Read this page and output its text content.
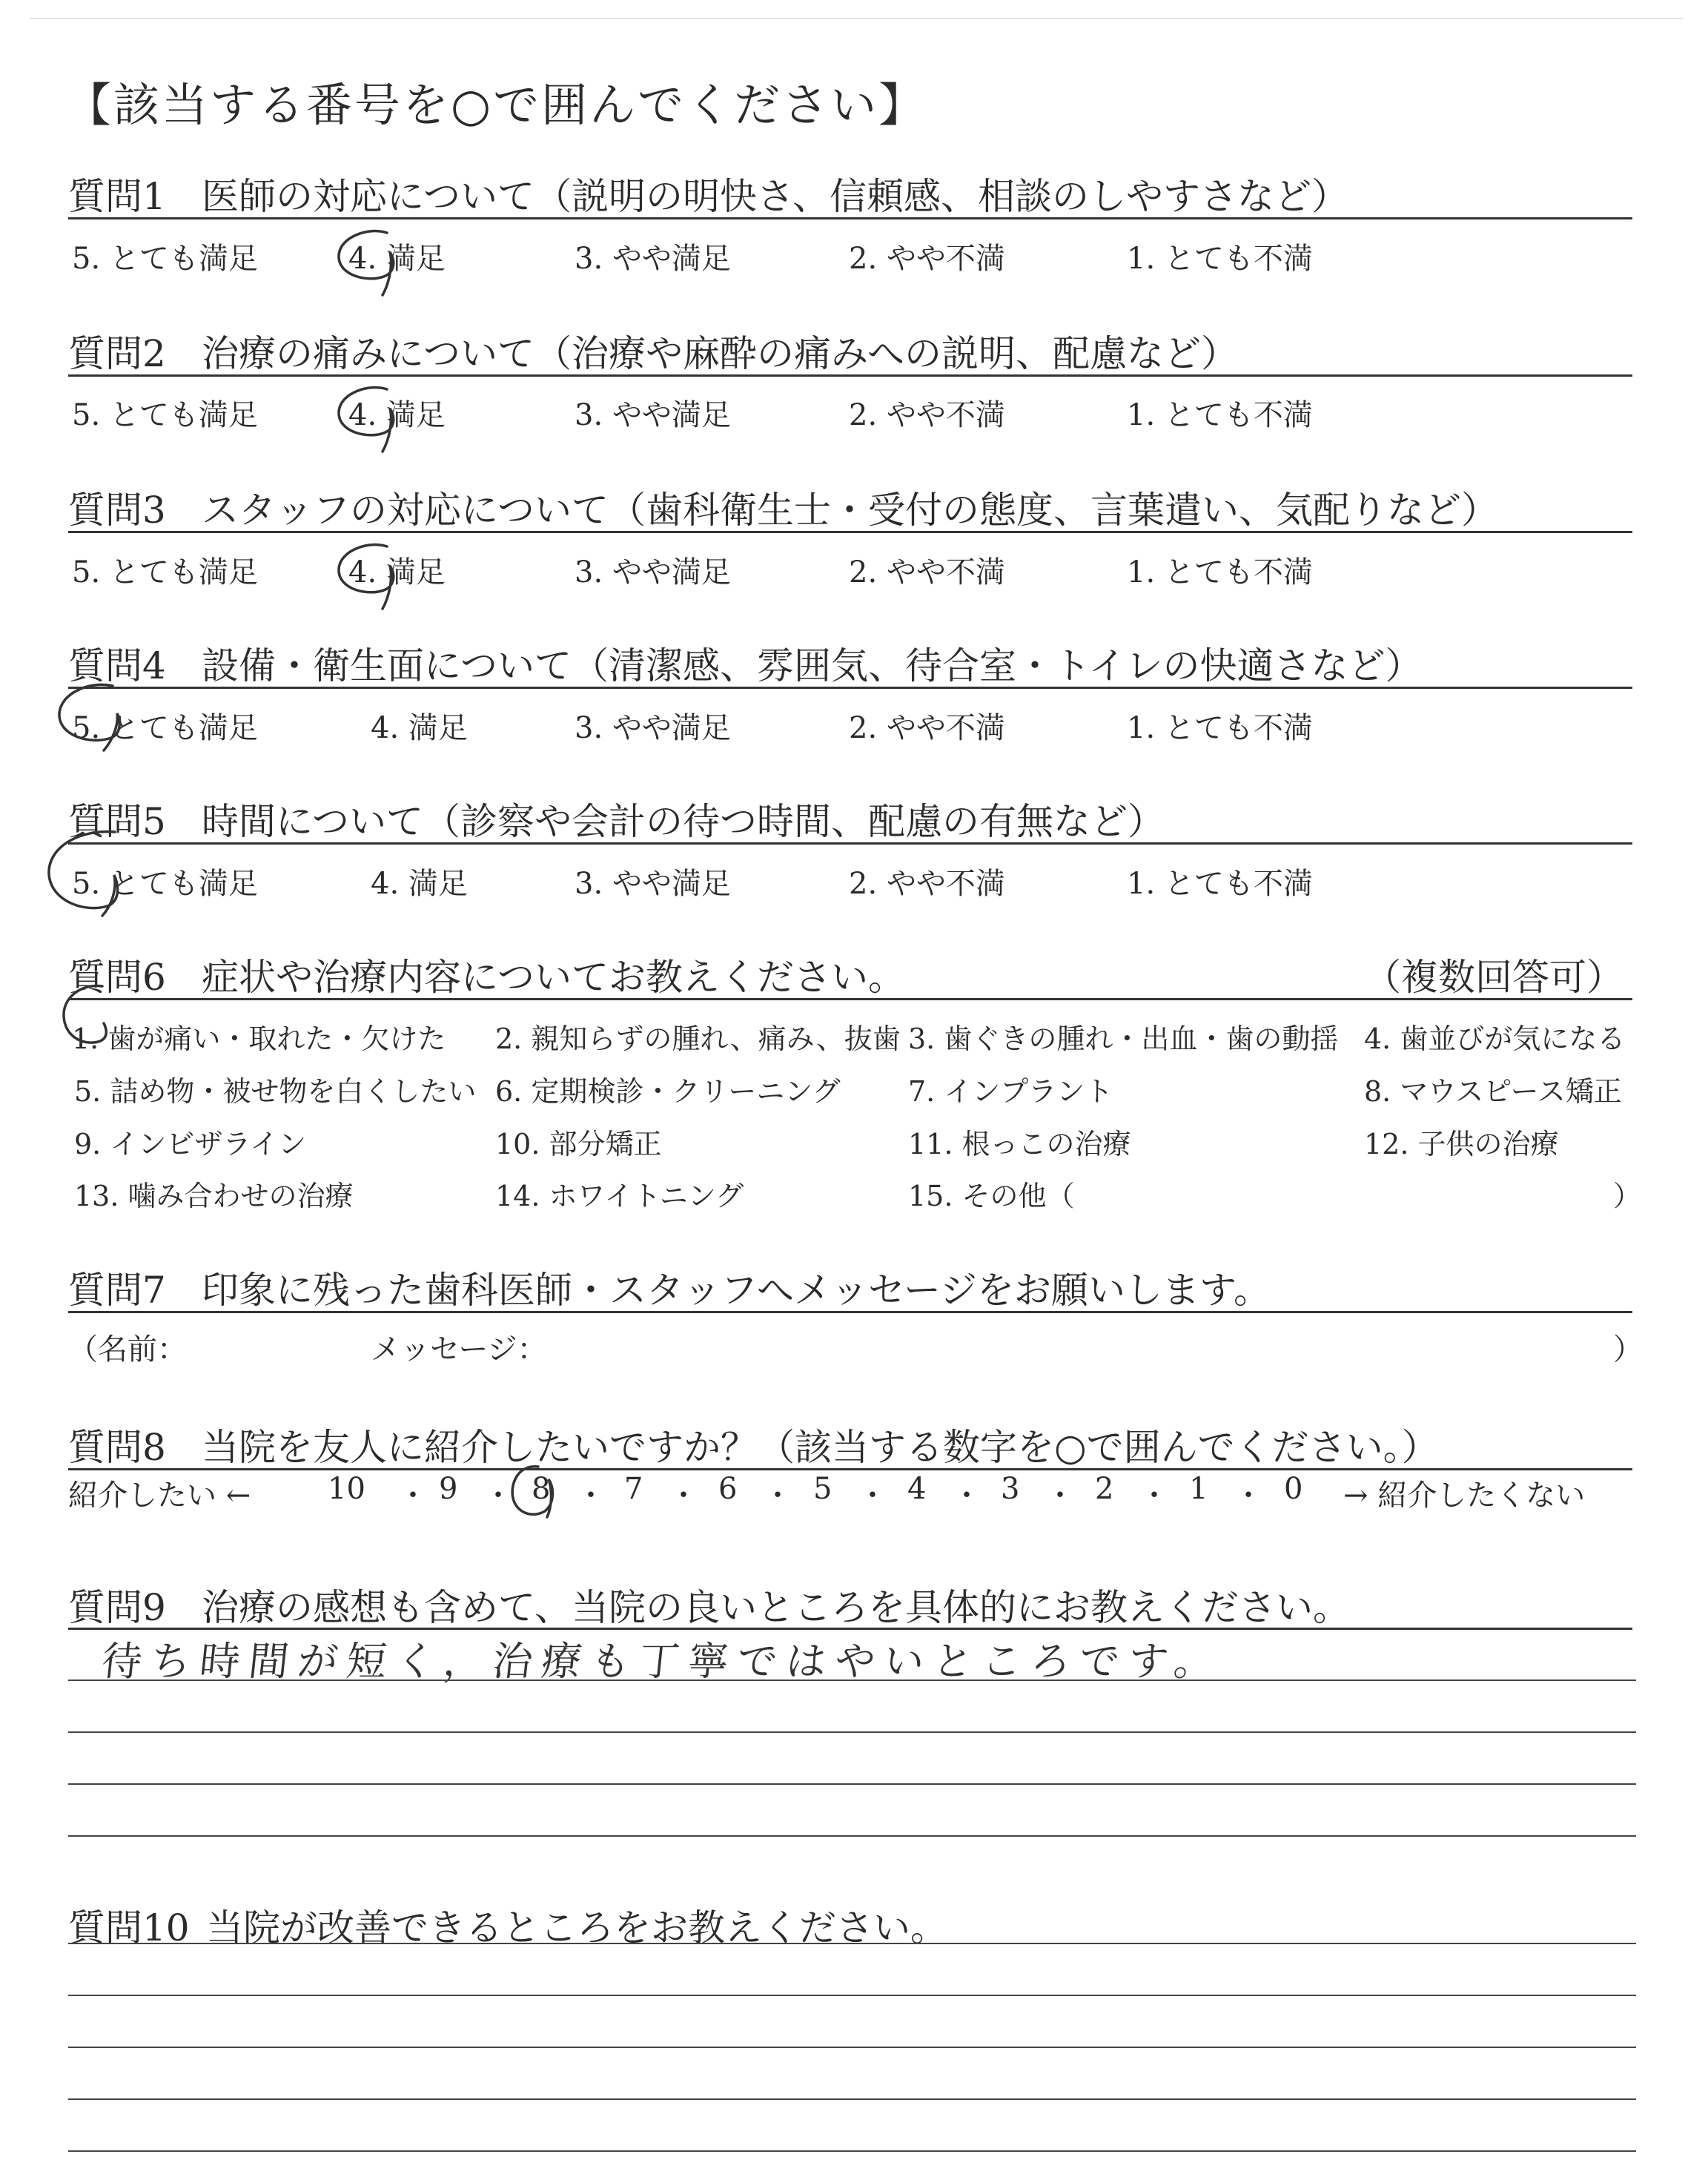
【該当する番号を○で囲んでください】
質問1 医師の対応について（説明の明快さ、信頼感、相談のしやすさなど）
5. とても満足	4. 満足	3. やや満足	2. やや不満	1. とても不満
質問2 治療の痛みについて（治療や麻酔の痛みへの説明、配慮など）
5. とても満足	4. 満足	3. やや満足	2. やや不満	1. とても不満
質問3 スタッフの対応について（歯科衛生士・受付の態度、言葉遣い、気配りなど）
5. とても満足	4. 満足	3. やや満足	2. やや不満	1. とても不満
質問4 設備・衛生面について（清潔感、雰囲気、待合室・トイレの快適さなど）
5. とても満足	4. 満足	3. やや満足	2. やや不満	1. とても不満
質問5 時間について（診察や会計の待つ時間、配慮の有無など）
5. とても満足	4. 満足	3. やや満足	2. やや不満	1. とても不満
質問6 症状や治療内容についてお教えください。	（複数回答可）
1. 歯が痛い・取れた・欠けた 2. 親知らずの腫れ、痛み、抜歯 3. 歯ぐきの腫れ・出血・歯の動揺 4. 歯並びが気になる
5. 詰め物・被せ物を白くしたい 6. 定期検診・クリーニング 7. インプラント	8. マウスピース矯正
9. インビザライン	10. 部分矯正	11. 根っこの治療	12. 子供の治療
13. 噛み合わせの治療	14. ホワイトニング	15. その他（	）
質問7 印象に残った歯科医師・スタッフへメッセージをお願いします。
（名前：	メッセージ：	）
質問8 当院を友人に紹介したいですか？（該当する数字を○で囲んでください。）
紹介したい ←	10 ・ 9 ・ 8 ・ 7 ・ 6 ・ 5 ・ 4 ・ 3 ・ 2 ・ 1 ・ 0 → 紹介したくない
質問9 治療の感想も含めて、当院の良いところを具体的にお教えください。
待ち時間が短く，治療も丁寧ではやいところです。
質問10 当院が改善できるところをお教えください。
